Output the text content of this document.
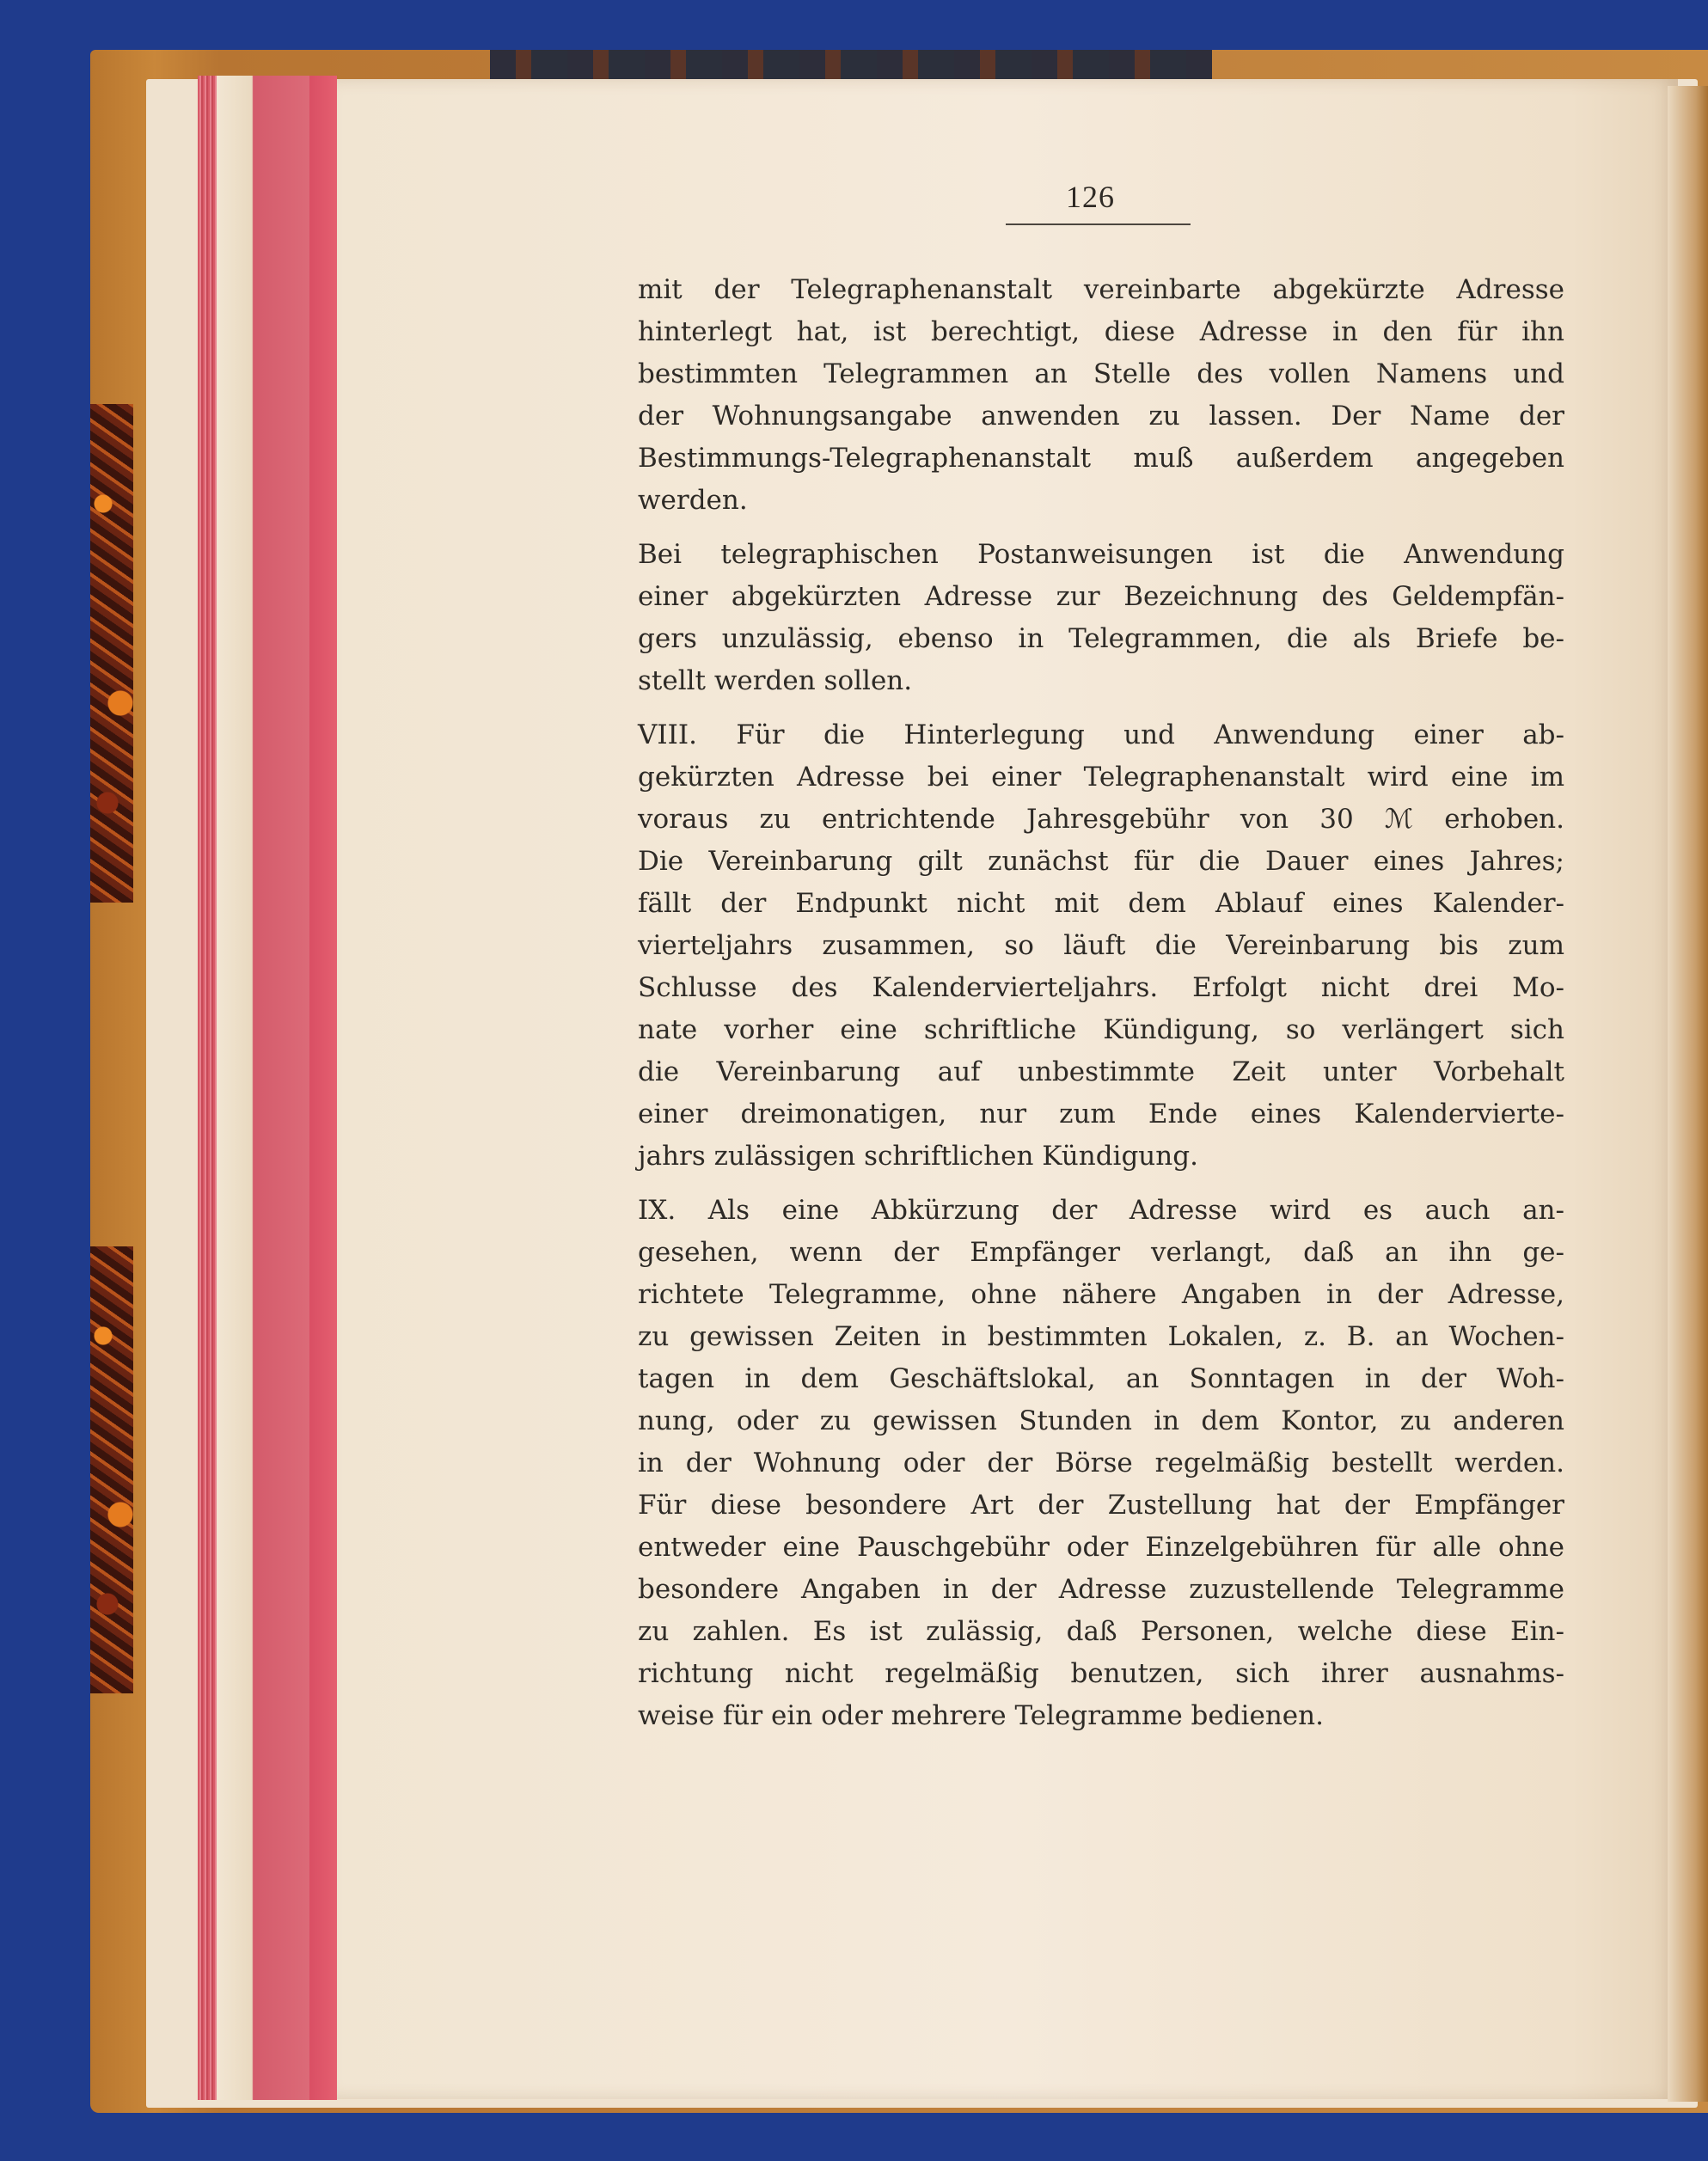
126
mit der Telegraphenanstalt vereinbarte abgekürzte Adresse
hinterlegt hat, ist berechtigt, diese Adresse in den für ihn
bestimmten Telegrammen an Stelle des vollen Namens und
der Wohnungsangabe anwenden zu lassen. Der Name der
Bestimmungs-Telegraphenanstalt muß außerdem angegeben
werden.
Bei telegraphischen Postanweisungen ist die Anwendung
einer abgekürzten Adresse zur Bezeichnung des Geldempfän-
gers unzulässig, ebenso in Telegrammen, die als Briefe be-
stellt werden sollen.
VIII. Für die Hinterlegung und Anwendung einer ab-
gekürzten Adresse bei einer Telegraphenanstalt wird eine im
voraus zu entrichtende Jahresgebühr von 30 ℳ erhoben.
Die Vereinbarung gilt zunächst für die Dauer eines Jahres;
fällt der Endpunkt nicht mit dem Ablauf eines Kalender-
vierteljahrs zusammen, so läuft die Vereinbarung bis zum
Schlusse des Kalendervierteljahrs. Erfolgt nicht drei Mo-
nate vorher eine schriftliche Kündigung, so verlängert sich
die Vereinbarung auf unbestimmte Zeit unter Vorbehalt
einer dreimonatigen, nur zum Ende eines Kalendervierte-
jahrs zulässigen schriftlichen Kündigung.
IX. Als eine Abkürzung der Adresse wird es auch an-
gesehen, wenn der Empfänger verlangt, daß an ihn ge-
richtete Telegramme, ohne nähere Angaben in der Adresse,
zu gewissen Zeiten in bestimmten Lokalen, z. B. an Wochen-
tagen in dem Geschäftslokal, an Sonntagen in der Woh-
nung, oder zu gewissen Stunden in dem Kontor, zu anderen
in der Wohnung oder der Börse regelmäßig bestellt werden.
Für diese besondere Art der Zustellung hat der Empfänger
entweder eine Pauschgebühr oder Einzelgebühren für alle ohne
besondere Angaben in der Adresse zuzustellende Telegramme
zu zahlen. Es ist zulässig, daß Personen, welche diese Ein-
richtung nicht regelmäßig benutzen, sich ihrer ausnahms-
weise für ein oder mehrere Telegramme bedienen.
